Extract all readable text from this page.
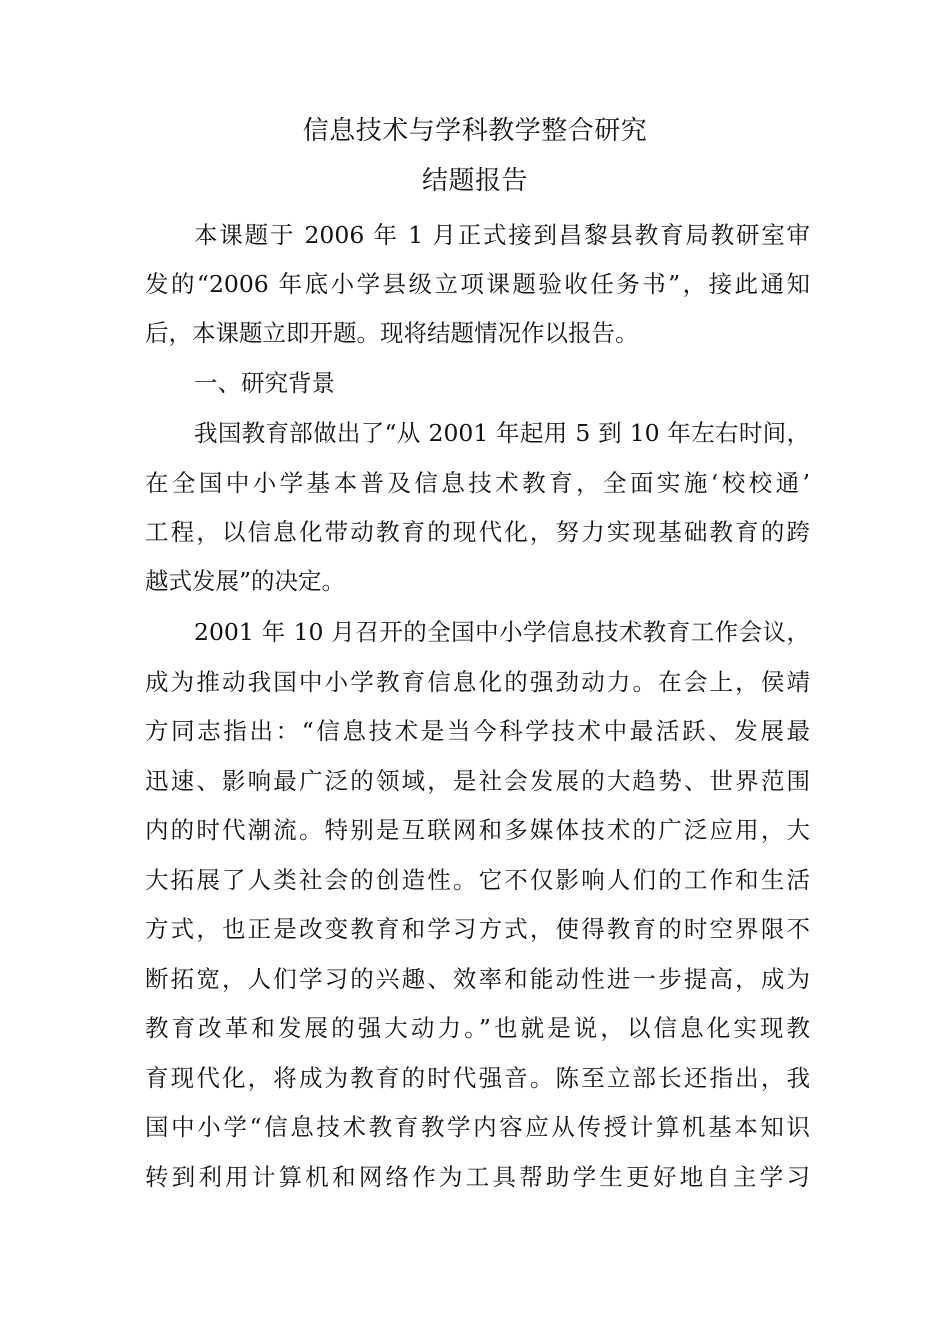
信息技术与学科教学整合研究
结题报告

本课题于 2006 年 1 月正式接到昌黎县教育局教研室审

发的“2006 年底小学县级立项课题验收任务书”，接此通知

后，本课题立即开题。现将结题情况作以报告。

一、研究背景

我国教育部做出了“从 2001 年起用 5 到 10 年左右时间，

在全国中小学基本普及信息技术教育，全面实施‘校校通’

工程，以信息化带动教育的现代化，努力实现基础教育的跨

越式发展”的决定。

2001 年 10 月召开的全国中小学信息技术教育工作会议，

成为推动我国中小学教育信息化的强劲动力。在会上，侯靖

方同志指出：“信息技术是当今科学技术中最活跃、发展最

迅速、影响最广泛的领域，是社会发展的大趋势、世界范围

内的时代潮流。特别是互联网和多媒体技术的广泛应用，大

大拓展了人类社会的创造性。它不仅影响人们的工作和生活

方式，也正是改变教育和学习方式，使得教育的时空界限不

断拓宽，人们学习的兴趣、效率和能动性进一步提高，成为

教育改革和发展的强大动力。”也就是说，以信息化实现教

育现代化，将成为教育的时代强音。陈至立部长还指出，我

国中小学“信息技术教育教学内容应从传授计算机基本知识

转到利用计算机和网络作为工具帮助学生更好地自主学习
